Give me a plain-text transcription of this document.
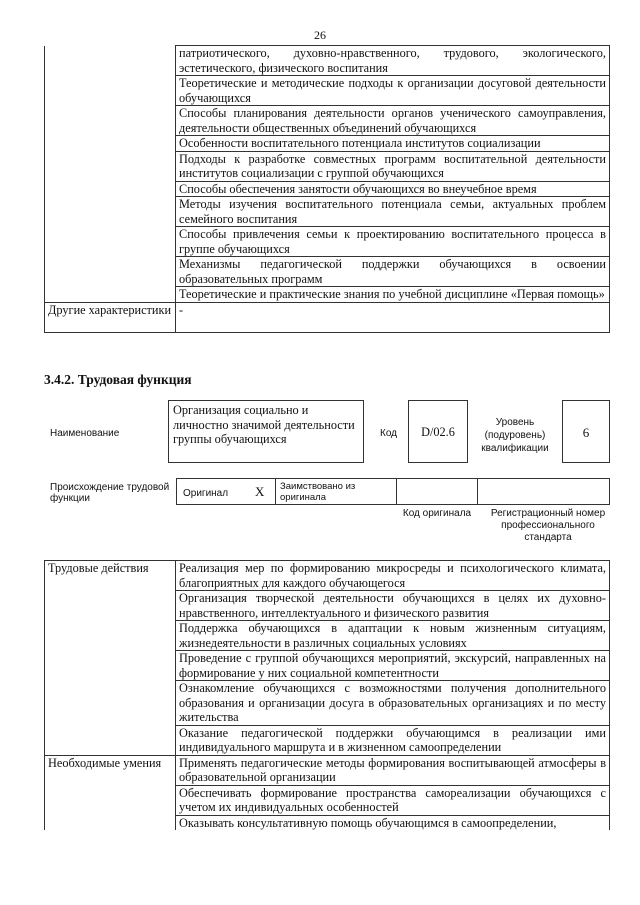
26
	патриотического, духовно-нравственного, трудового, экологического, эстетического, физического воспитания
	Теоретические и методические подходы к организации досуговой деятельности обучающихся
	Способы планирования деятельности органов ученического самоуправления, деятельности общественных объединений обучающихся
	Особенности воспитательного потенциала институтов социализации
	Подходы к разработке совместных программ воспитательной деятельности институтов социализации с группой обучающихся
	Способы обеспечения занятости обучающихся во внеучебное время
	Методы изучения воспитательного потенциала семьи, актуальных проблем семейного воспитания
	Способы привлечения семьи к проектированию воспитательного процесса в группе обучающихся
	Механизмы педагогической поддержки обучающихся в освоении образовательных программ
	Теоретические и практические знания по учебной дисциплине «Первая помощь»
Другие характеристики	-
3.4.2. Трудовая функция
Наименование
Организация социально и личностно значимой деятельности группы обучающихся	Код	D/02.6
Уровень (подуровень) квалификации
6
Происхождение трудовой функции	Оригинал X Заимствовано из оригинала
Код оригинала	Регистрационный номер профессионального стандарта
Трудовые действия	Реализация мер по формированию микросреды и психологического климата, благоприятных для каждого обучающегося
	Организация творческой деятельности обучающихся в целях их духовно-нравственного, интеллектуального и физического развития
	Поддержка обучающихся в адаптации к новым жизненным ситуациям, жизнедеятельности в различных социальных условиях
	Проведение с группой обучающихся мероприятий, экскурсий, направленных на формирование у них социальной компетентности
	Ознакомление обучающихся с возможностями получения дополнительного образования и организации досуга в образовательных организациях и по месту жительства
	Оказание педагогической поддержки обучающимся в реализации ими индивидуального маршрута и в жизненном самоопределении
Необходимые умения	Применять педагогические методы формирования воспитывающей атмосферы в образовательной организации
	Обеспечивать формирование пространства самореализации обучающихся с учетом их индивидуальных особенностей
	Оказывать консультативную помощь обучающимся в самоопределении,
